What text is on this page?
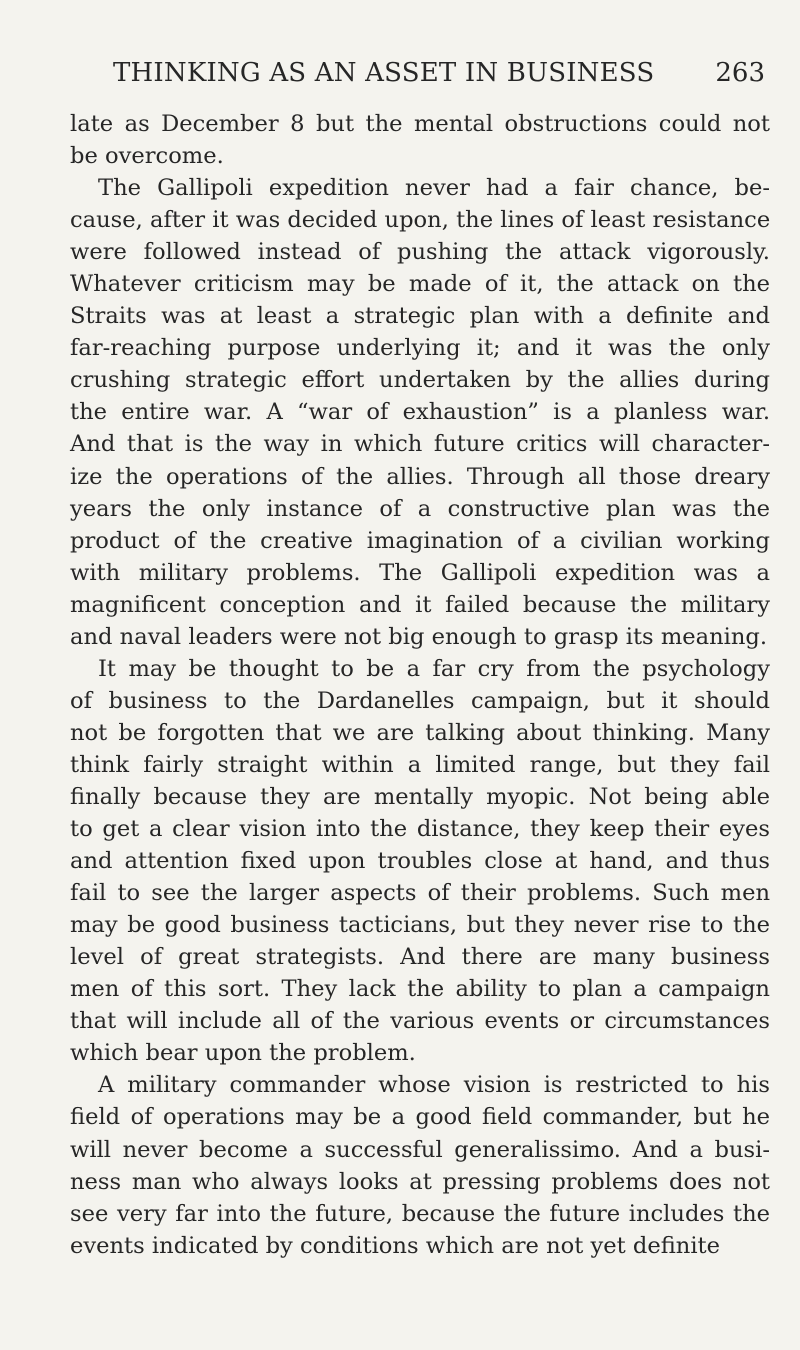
THINKING AS AN ASSET IN BUSINESS 263
late as December 8 but the mental obstructions could not
be overcome.
The Gallipoli expedition never had a fair chance, be-
cause, after it was decided upon, the lines of least resistance
were followed instead of pushing the attack vigorously.
Whatever criticism may be made of it, the attack on the
Straits was at least a strategic plan with a definite and
far-reaching purpose underlying it; and it was the only
crushing strategic effort undertaken by the allies during
the entire war. A “war of exhaustion” is a planless war.
And that is the way in which future critics will character-
ize the operations of the allies. Through all those dreary
years the only instance of a constructive plan was the
product of the creative imagination of a civilian working
with military problems. The Gallipoli expedition was a
magnificent conception and it failed because the military
and naval leaders were not big enough to grasp its meaning.
It may be thought to be a far cry from the psychology
of business to the Dardanelles campaign, but it should
not be forgotten that we are talking about thinking. Many
think fairly straight within a limited range, but they fail
finally because they are mentally myopic. Not being able
to get a clear vision into the distance, they keep their eyes
and attention fixed upon troubles close at hand, and thus
fail to see the larger aspects of their problems. Such men
may be good business tacticians, but they never rise to the
level of great strategists. And there are many business
men of this sort. They lack the ability to plan a campaign
that will include all of the various events or circumstances
which bear upon the problem.
A military commander whose vision is restricted to his
field of operations may be a good field commander, but he
will never become a successful generalissimo. And a busi-
ness man who always looks at pressing problems does not
see very far into the future, because the future includes the
events indicated by conditions which are not yet definite
